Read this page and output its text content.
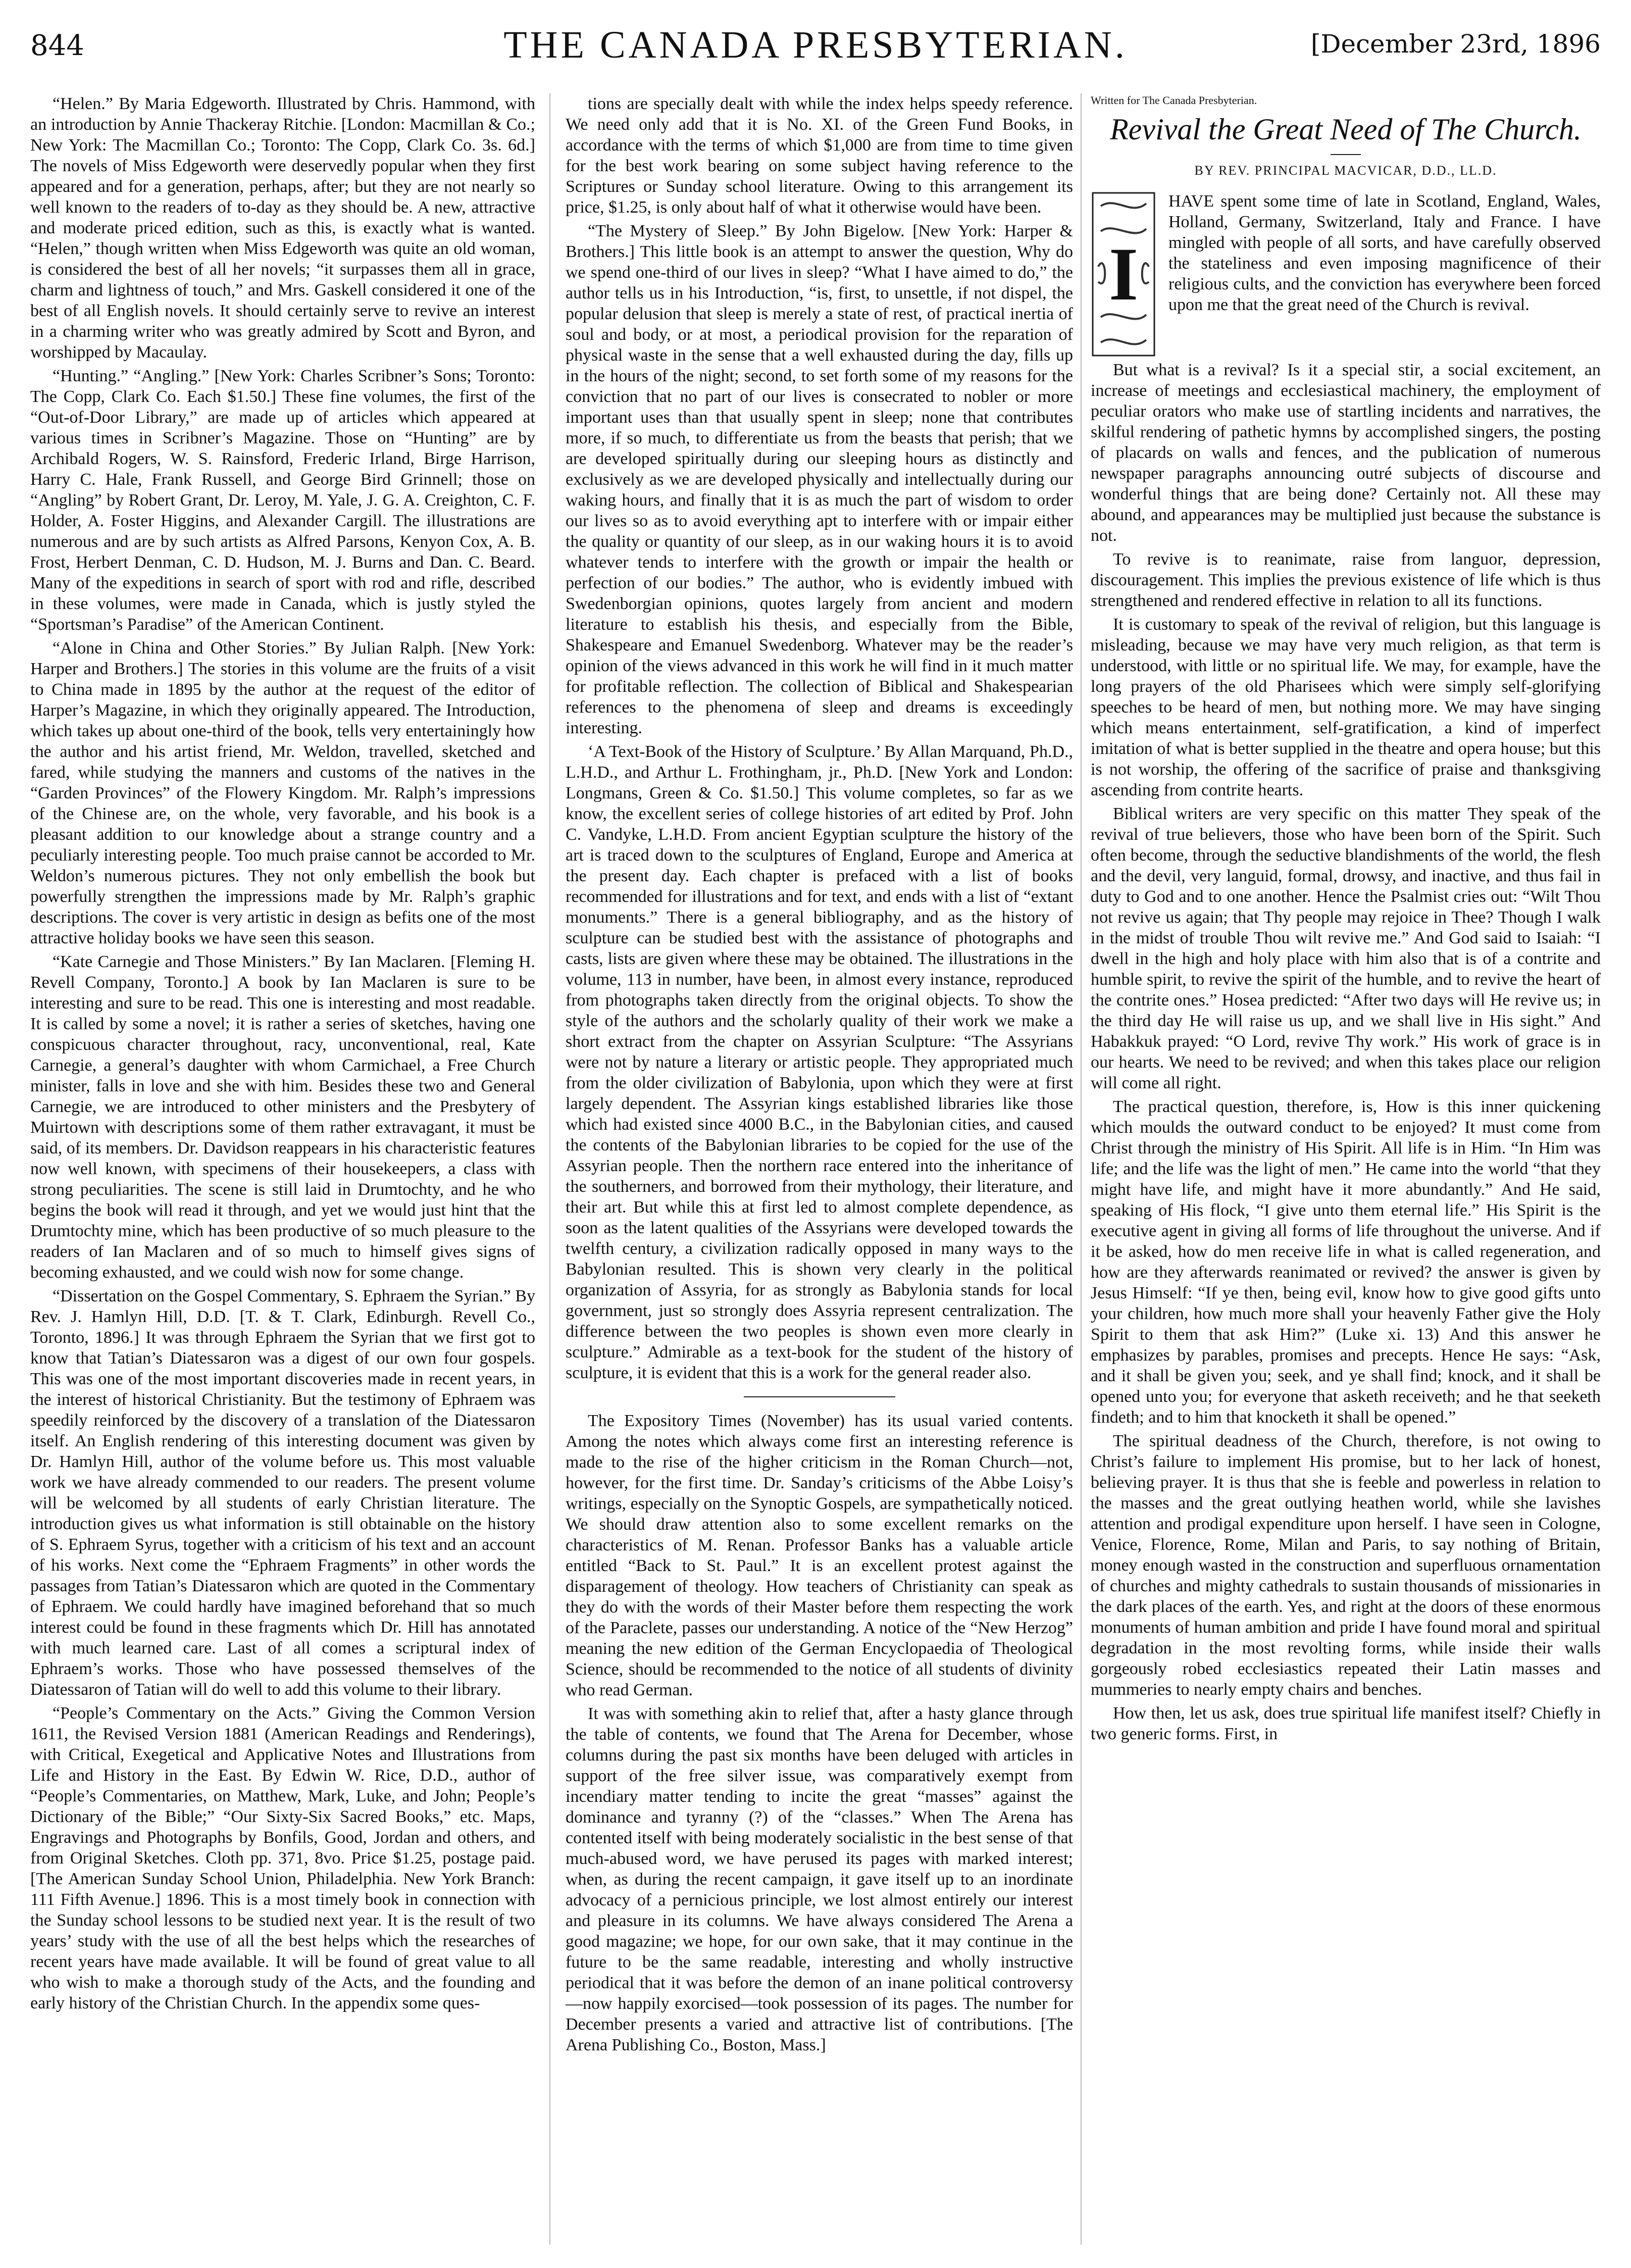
844	THE CANADA PRESBYTERIAN.	[December 23rd, 1896

“Helen.” By Maria Edgeworth. Illustrated by Chris. Hammond, with an introduction by Annie Thackeray Ritchie. [London: Macmillan & Co.; New York: The Macmillan Co.; Toronto: The Copp, Clark Co. 3s. 6d.] The novels of Miss Edgeworth were deservedly popular when they first appeared and for a generation, perhaps, after; but they are not nearly so well known to the readers of to-day as they should be. A new, attractive and moderate priced edition, such as this, is exactly what is wanted. “Helen,” though written when Miss Edgeworth was quite an old woman, is considered the best of all her novels; “it surpasses them all in grace, charm and lightness of touch,” and Mrs. Gaskell considered it one of the best of all English novels. It should certainly serve to revive an interest in a charming writer who was greatly admired by Scott and Byron, and worshipped by Macaulay.

“Hunting.” “Angling.” [New York: Charles Scribner’s Sons; Toronto: The Copp, Clark Co. Each $1.50.] These fine volumes, the first of the “Out-of-Door Library,” are made up of articles which appeared at various times in Scribner’s Magazine. Those on “Hunting” are by Archibald Rogers, W. S. Rainsford, Frederic Irland, Birge Harrison, Harry C. Hale, Frank Russell, and George Bird Grinnell; those on “Angling” by Robert Grant, Dr. Leroy, M. Yale, J. G. A. Creighton, C. F. Holder, A. Foster Higgins, and Alexander Cargill. The illustrations are numerous and are by such artists as Alfred Parsons, Kenyon Cox, A. B. Frost, Herbert Denman, C. D. Hudson, M. J. Burns and Dan. C. Beard. Many of the expeditions in search of sport with rod and rifle, described in these volumes, were made in Canada, which is justly styled the “Sportsman’s Paradise” of the American Continent.

“Alone in China and Other Stories.” By Julian Ralph. [New York: Harper and Brothers.] The stories in this volume are the fruits of a visit to China made in 1895 by the author at the request of the editor of Harper’s Magazine, in which they originally appeared. The Introduction, which takes up about one-third of the book, tells very entertainingly how the author and his artist friend, Mr. Weldon, travelled, sketched and fared, while studying the manners and customs of the natives in the “Garden Provinces” of the Flowery Kingdom. Mr. Ralph’s impressions of the Chinese are, on the whole, very favorable, and his book is a pleasant addition to our knowledge about a strange country and a peculiarly interesting people. Too much praise cannot be accorded to Mr. Weldon’s numerous pictures. They not only embellish the book but powerfully strengthen the impressions made by Mr. Ralph’s graphic descriptions. The cover is very artistic in design as befits one of the most attractive holiday books we have seen this season.

“Kate Carnegie and Those Ministers.” By Ian Maclaren. [Fleming H. Revell Company, Toronto.] A book by Ian Maclaren is sure to be interesting and sure to be read. This one is interesting and most readable. It is called by some a novel; it is rather a series of sketches, having one conspicuous character throughout, racy, unconventional, real, Kate Carnegie, a general’s daughter with whom Carmichael, a Free Church minister, falls in love and she with him. Besides these two and General Carnegie, we are introduced to other ministers and the Presbytery of Muirtown with descriptions some of them rather extravagant, it must be said, of its members. Dr. Davidson reappears in his characteristic features now well known, with specimens of their housekeepers, a class with strong peculiarities. The scene is still laid in Drumtochty, and he who begins the book will read it through, and yet we would just hint that the Drumtochty mine, which has been productive of so much pleasure to the readers of Ian Maclaren and of so much to himself gives signs of becoming exhausted, and we could wish now for some change.

“Dissertation on the Gospel Commentary, S. Ephraem the Syrian.” By Rev. J. Hamlyn Hill, D.D. [T. & T. Clark, Edinburgh. Revell Co., Toronto, 1896.] It was through Ephraem the Syrian that we first got to know that Tatian’s Diatessaron was a digest of our own four gospels. This was one of the most important discoveries made in recent years, in the interest of historical Christianity. But the testimony of Ephraem was speedily reinforced by the discovery of a translation of the Diatessaron itself. An English rendering of this interesting document was given by Dr. Hamlyn Hill, author of the volume before us. This most valuable work we have already commended to our readers. The present volume will be welcomed by all students of early Christian literature. The introduction gives us what information is still obtainable on the history of S. Ephraem Syrus, together with a criticism of his text and an account of his works. Next come the “Ephraem Fragments” in other words the passages from Tatian’s Diatessaron which are quoted in the Commentary of Ephraem. We could hardly have imagined beforehand that so much interest could be found in these fragments which Dr. Hill has annotated with much learned care. Last of all comes a scriptural index of Ephraem’s works. Those who have possessed themselves of the Diatessaron of Tatian will do well to add this volume to their library.

“People’s Commentary on the Acts.” Giving the Common Version 1611, the Revised Version 1881 (American Readings and Renderings), with Critical, Exegetical and Applicative Notes and Illustrations from Life and History in the East. By Edwin W. Rice, D.D., author of “People’s Commentaries, on Matthew, Mark, Luke, and John; People’s Dictionary of the Bible;” “Our Sixty-Six Sacred Books,” etc. Maps, Engravings and Photographs by Bonfils, Good, Jordan and others, and from Original Sketches. Cloth pp. 371, 8vo. Price $1.25, postage paid. [The American Sunday School Union, Philadelphia. New York Branch: 111 Fifth Avenue.] 1896. This is a most timely book in connection with the Sunday school lessons to be studied next year. It is the result of two years’ study with the use of all the best helps which the researches of recent years have made available. It will be found of great value to all who wish to make a thorough study of the Acts, and the founding and early history of the Christian Church. In the appendix some ques-

tions are specially dealt with while the index helps speedy reference. We need only add that it is No. XI. of the Green Fund Books, in accordance with the terms of which $1,000 are from time to time given for the best work bearing on some subject having reference to the Scriptures or Sunday school literature. Owing to this arrangement its price, $1.25, is only about half of what it otherwise would have been.

“The Mystery of Sleep.” By John Bigelow. [New York: Harper & Brothers.] This little book is an attempt to answer the question, Why do we spend one-third of our lives in sleep? “What I have aimed to do,” the author tells us in his Introduction, “is, first, to unsettle, if not dispel, the popular delusion that sleep is merely a state of rest, of practical inertia of soul and body, or at most, a periodical provision for the reparation of physical waste in the sense that a well exhausted during the day, fills up in the hours of the night; second, to set forth some of my reasons for the conviction that no part of our lives is consecrated to nobler or more important uses than that usually spent in sleep; none that contributes more, if so much, to differentiate us from the beasts that perish; that we are developed spiritually during our sleeping hours as distinctly and exclusively as we are developed physically and intellectually during our waking hours, and finally that it is as much the part of wisdom to order our lives so as to avoid everything apt to interfere with or impair either the quality or quantity of our sleep, as in our waking hours it is to avoid whatever tends to interfere with the growth or impair the health or perfection of our bodies.” The author, who is evidently imbued with Swedenborgian opinions, quotes largely from ancient and modern literature to establish his thesis, and especially from the Bible, Shakespeare and Emanuel Swedenborg. Whatever may be the reader’s opinion of the views advanced in this work he will find in it much matter for profitable reflection. The collection of Biblical and Shakespearian references to the phenomena of sleep and dreams is exceedingly interesting.

‘A Text-Book of the History of Sculpture.’ By Allan Marquand, Ph.D., L.H.D., and Arthur L. Frothingham, jr., Ph.D. [New York and London: Longmans, Green & Co. $1.50.] This volume completes, so far as we know, the excellent series of college histories of art edited by Prof. John C. Vandyke, L.H.D. From ancient Egyptian sculpture the history of the art is traced down to the sculptures of England, Europe and America at the present day. Each chapter is prefaced with a list of books recommended for illustrations and for text, and ends with a list of “extant monuments.” There is a general bibliography, and as the history of sculpture can be studied best with the assistance of photographs and casts, lists are given where these may be obtained. The illustrations in the volume, 113 in number, have been, in almost every instance, reproduced from photographs taken directly from the original objects. To show the style of the authors and the scholarly quality of their work we make a short extract from the chapter on Assyrian Sculpture: “The Assyrians were not by nature a literary or artistic people. They appropriated much from the older civilization of Babylonia, upon which they were at first largely dependent. The Assyrian kings established libraries like those which had existed since 4000 B.C., in the Babylonian cities, and caused the contents of the Babylonian libraries to be copied for the use of the Assyrian people. Then the northern race entered into the inheritance of the southerners, and borrowed from their mythology, their literature, and their art. But while this at first led to almost complete dependence, as soon as the latent qualities of the Assyrians were developed towards the twelfth century, a civilization radically opposed in many ways to the Babylonian resulted. This is shown very clearly in the political organization of Assyria, for as strongly as Babylonia stands for local government, just so strongly does Assyria represent centralization. The difference between the two peoples is shown even more clearly in sculpture.” Admirable as a text-book for the student of the history of sculpture, it is evident that this is a work for the general reader also.

The Expository Times (November) has its usual varied contents. Among the notes which always come first an interesting reference is made to the rise of the higher criticism in the Roman Church—not, however, for the first time. Dr. Sanday’s criticisms of the Abbe Loisy’s writings, especially on the Synoptic Gospels, are sympathetically noticed. We should draw attention also to some excellent remarks on the characteristics of M. Renan. Professor Banks has a valuable article entitled “Back to St. Paul.” It is an excellent protest against the disparagement of theology. How teachers of Christianity can speak as they do with the words of their Master before them respecting the work of the Paraclete, passes our understanding. A notice of the “New Herzog” meaning the new edition of the German Encyclopaedia of Theological Science, should be recommended to the notice of all students of divinity who read German.

It was with something akin to relief that, after a hasty glance through the table of contents, we found that The Arena for December, whose columns during the past six months have been deluged with articles in support of the free silver issue, was comparatively exempt from incendiary matter tending to incite the great “masses” against the dominance and tyranny (?) of the “classes.” When The Arena has contented itself with being moderately socialistic in the best sense of that much-abused word, we have perused its pages with marked interest; when, as during the recent campaign, it gave itself up to an inordinate advocacy of a pernicious principle, we lost almost entirely our interest and pleasure in its columns. We have always considered The Arena a good magazine; we hope, for our own sake, that it may continue in the future to be the same readable, interesting and wholly instructive periodical that it was before the demon of an inane political controversy—now happily exorcised—took possession of its pages. The number for December presents a varied and attractive list of contributions. [The Arena Publishing Co., Boston, Mass.]

Written for The Canada Presbyterian.
Revival the Great Need of The Church.
BY REV. PRINCIPAL MACVICAR, D.D., LL.D.
I

HAVE spent some time of late in Scotland, England, Wales, Holland, Germany, Switzerland, Italy and France. I have mingled with people of all sorts, and have carefully observed the stateliness and even imposing magnificence of their religious cults, and the conviction has everywhere been forced upon me that the great need of the Church is revival.

But what is a revival? Is it a special stir, a social excitement, an increase of meetings and ecclesiastical machinery, the employment of peculiar orators who make use of startling incidents and narratives, the skilful rendering of pathetic hymns by accomplished singers, the posting of placards on walls and fences, and the publication of numerous newspaper paragraphs announcing outré subjects of discourse and wonderful things that are being done? Certainly not. All these may abound, and appearances may be multiplied just because the substance is not.

To revive is to reanimate, raise from languor, depression, discouragement. This implies the previous existence of life which is thus strengthened and rendered effective in relation to all its functions.

It is customary to speak of the revival of religion, but this language is misleading, because we may have very much religion, as that term is understood, with little or no spiritual life. We may, for example, have the long prayers of the old Pharisees which were simply self-glorifying speeches to be heard of men, but nothing more. We may have singing which means entertainment, self-gratification, a kind of imperfect imitation of what is better supplied in the theatre and opera house; but this is not worship, the offering of the sacrifice of praise and thanksgiving ascending from contrite hearts.

Biblical writers are very specific on this matter They speak of the revival of true believers, those who have been born of the Spirit. Such often become, through the seductive blandishments of the world, the flesh and the devil, very languid, formal, drowsy, and inactive, and thus fail in duty to God and to one another. Hence the Psalmist cries out: “Wilt Thou not revive us again; that Thy people may rejoice in Thee? Though I walk in the midst of trouble Thou wilt revive me.” And God said to Isaiah: “I dwell in the high and holy place with him also that is of a contrite and humble spirit, to revive the spirit of the humble, and to revive the heart of the contrite ones.” Hosea predicted: “After two days will He revive us; in the third day He will raise us up, and we shall live in His sight.” And Habakkuk prayed: “O Lord, revive Thy work.” His work of grace is in our hearts. We need to be revived; and when this takes place our religion will come all right.

The practical question, therefore, is, How is this inner quickening which moulds the outward conduct to be enjoyed? It must come from Christ through the ministry of His Spirit. All life is in Him. “In Him was life; and the life was the light of men.” He came into the world “that they might have life, and might have it more abundantly.” And He said, speaking of His flock, “I give unto them eternal life.” His Spirit is the executive agent in giving all forms of life throughout the universe. And if it be asked, how do men receive life in what is called regeneration, and how are they afterwards reanimated or revived? the answer is given by Jesus Himself: “If ye then, being evil, know how to give good gifts unto your children, how much more shall your heavenly Father give the Holy Spirit to them that ask Him?” (Luke xi. 13) And this answer he emphasizes by parables, promises and precepts. Hence He says: “Ask, and it shall be given you; seek, and ye shall find; knock, and it shall be opened unto you; for everyone that asketh receiveth; and he that seeketh findeth; and to him that knocketh it shall be opened.”

The spiritual deadness of the Church, therefore, is not owing to Christ’s failure to implement His promise, but to her lack of honest, believing prayer. It is thus that she is feeble and powerless in relation to the masses and the great outlying heathen world, while she lavishes attention and prodigal expenditure upon herself. I have seen in Cologne, Venice, Florence, Rome, Milan and Paris, to say nothing of Britain, money enough wasted in the construction and superfluous ornamentation of churches and mighty cathedrals to sustain thousands of missionaries in the dark places of the earth. Yes, and right at the doors of these enormous monuments of human ambition and pride I have found moral and spiritual degradation in the most revolting forms, while inside their walls gorgeously robed ecclesiastics repeated their Latin masses and mummeries to nearly empty chairs and benches.

How then, let us ask, does true spiritual life manifest itself? Chiefly in two generic forms. First, in
